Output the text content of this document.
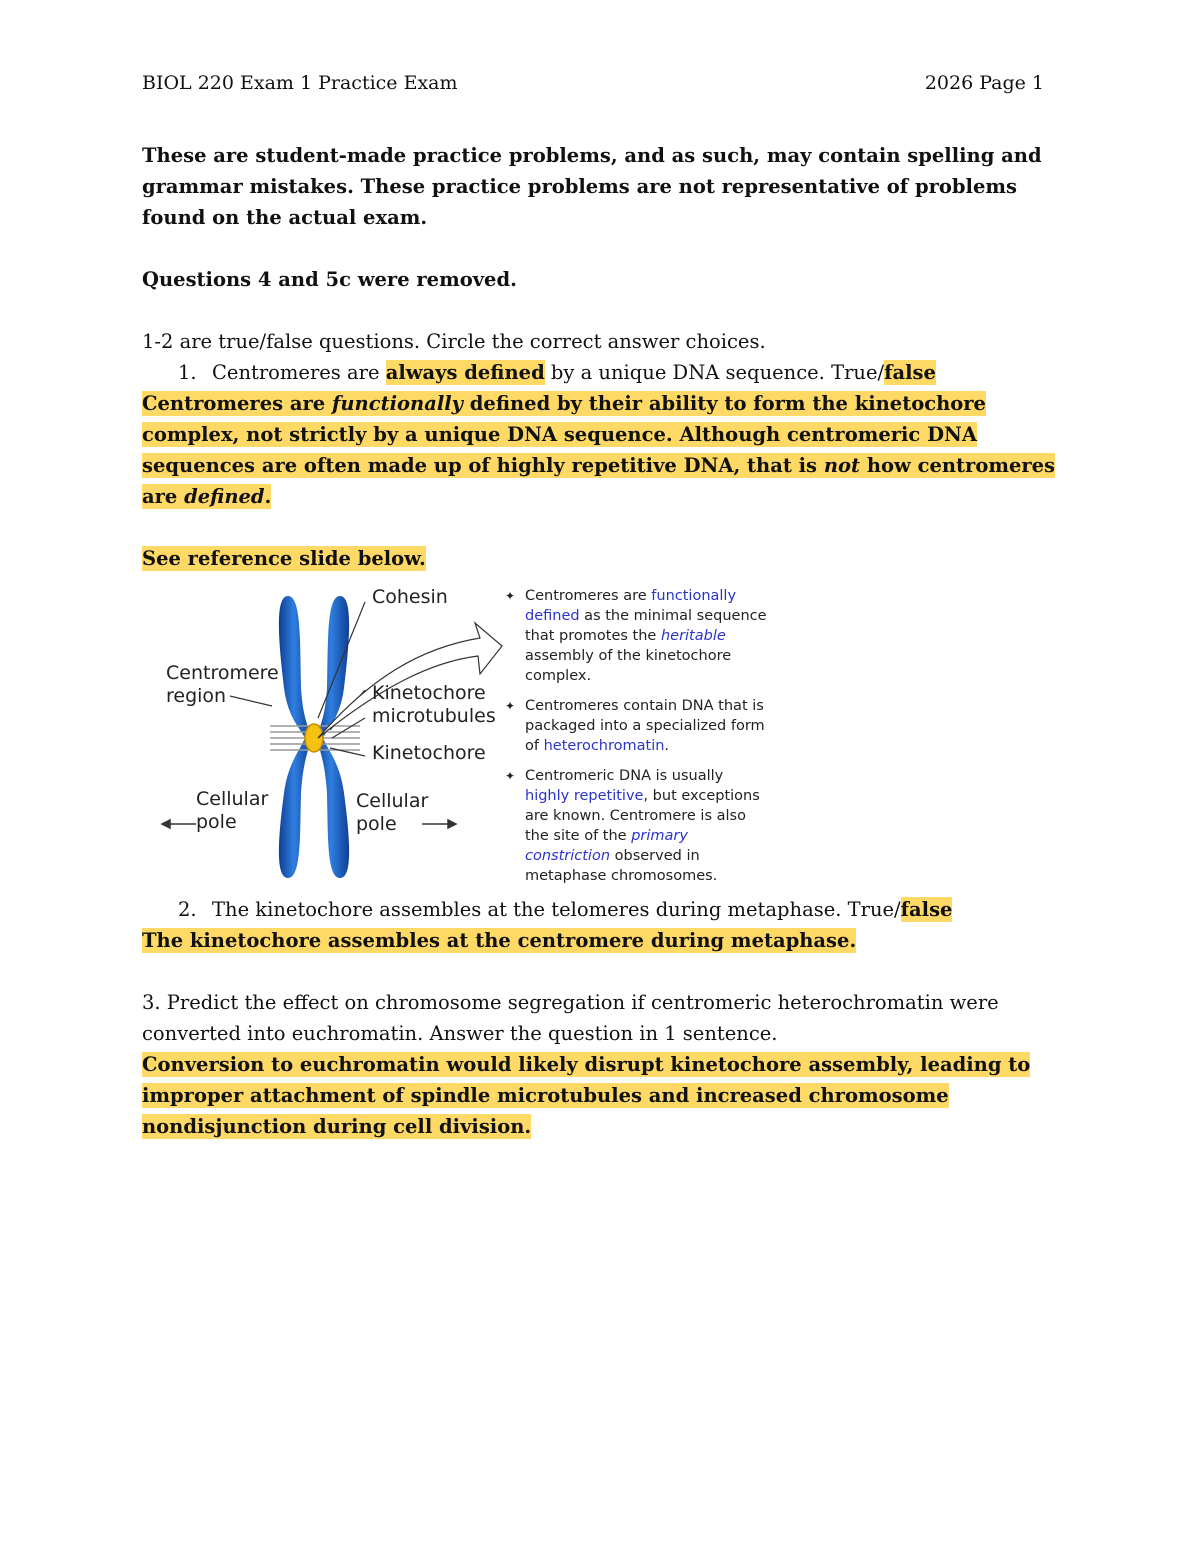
BIOL 220 Exam 1 Practice Exam	2026 Page 1

These are student-made practice problems, and as such, may contain spelling and grammar mistakes. These practice problems are not representative of problems found on the actual exam.

Questions 4 and 5c were removed.

1-2 are true/false questions. Circle the correct answer choices.

1. Centromeres are always defined by a unique DNA sequence. True/false

Centromeres are functionally defined by their ability to form the kinetochore complex, not strictly by a unique DNA sequence. Although centromeric DNA sequences are often made up of highly repetitive DNA, that is not how centromeres are defined.

See reference slide below.

Cohesin
Centromere region	Kinetochore microtubules
Kinetochore
Cellular pole
Cellular pole
✦ Centromeres are functionally defined as the minimal sequence that promotes the heritable assembly of the kinetochore complex.
✦ Centromeres contain DNA that is packaged into a specialized form of heterochromatin.
✦ Centromeric DNA is usually highly repetitive, but exceptions are known. Centromere is also the site of the primary constriction observed in metaphase chromosomes.

2. The kinetochore assembles at the telomeres during metaphase. True/false

The kinetochore assembles at the centromere during metaphase.

3. Predict the effect on chromosome segregation if centromeric heterochromatin were converted into euchromatin. Answer the question in 1 sentence.

Conversion to euchromatin would likely disrupt kinetochore assembly, leading to improper attachment of spindle microtubules and increased chromosome nondisjunction during cell division.
